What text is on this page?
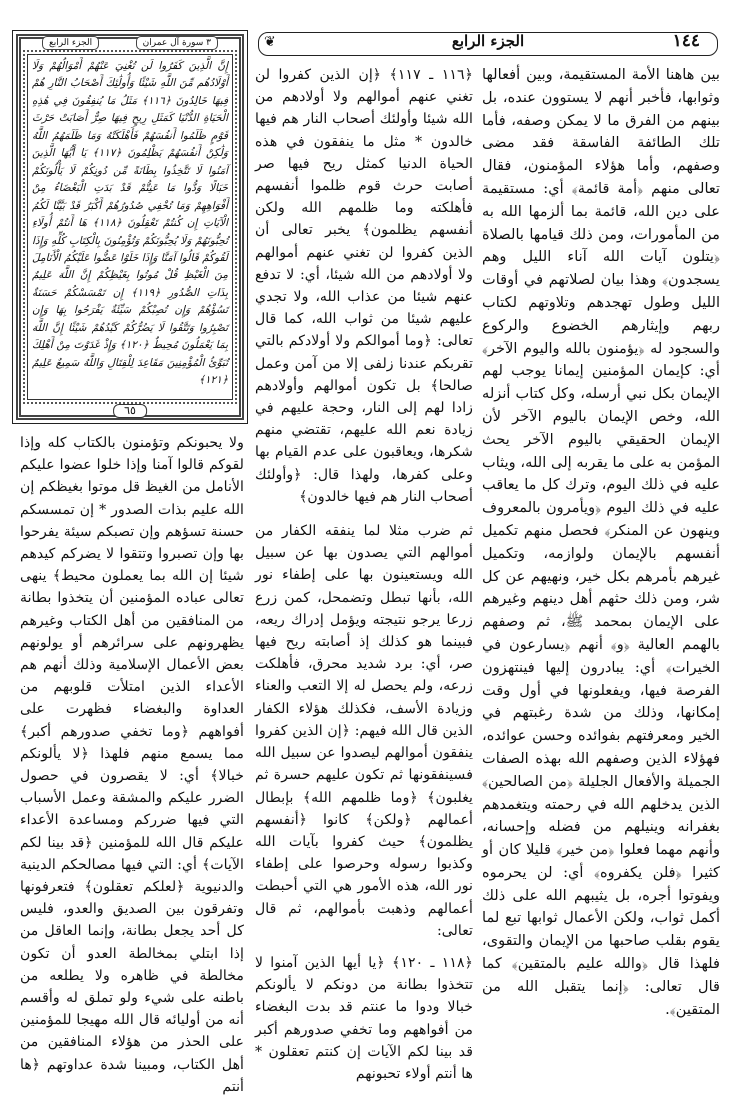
١٤٤
الجزء الرابع
❦
الجزء الرابع	٣ سورة آل عمران
إِنَّ الَّذِينَ كَفَرُوا لَن تُغْنِيَ عَنْهُمْ أَمْوَالُهُمْ وَلَا أَوْلَادُهُم مِّنَ اللَّهِ شَيْئًا وَأُولَٰئِكَ أَصْحَابُ النَّارِ هُمْ فِيهَا خَالِدُونَ ﴿١١٦﴾ مَثَلُ مَا يُنفِقُونَ فِي هَٰذِهِ الْحَيَاةِ الدُّنْيَا كَمَثَلِ رِيحٍ فِيهَا صِرٌّ أَصَابَتْ حَرْثَ قَوْمٍ ظَلَمُوا أَنفُسَهُمْ فَأَهْلَكَتْهُ وَمَا ظَلَمَهُمُ اللَّهُ وَلَٰكِنْ أَنفُسَهُمْ يَظْلِمُونَ ﴿١١٧﴾ يَا أَيُّهَا الَّذِينَ آمَنُوا لَا تَتَّخِذُوا بِطَانَةً مِّن دُونِكُمْ لَا يَأْلُونَكُمْ خَبَالًا وَدُّوا مَا عَنِتُّمْ قَدْ بَدَتِ الْبَغْضَاءُ مِنْ أَفْوَاهِهِمْ وَمَا تُخْفِي صُدُورُهُمْ أَكْبَرُ قَدْ بَيَّنَّا لَكُمُ الْآيَاتِ إِن كُنتُمْ تَعْقِلُونَ ﴿١١٨﴾ هَا أَنتُمْ أُولَاءِ تُحِبُّونَهُمْ وَلَا يُحِبُّونَكُمْ وَتُؤْمِنُونَ بِالْكِتَابِ كُلِّهِ وَإِذَا لَقُوكُمْ قَالُوا آمَنَّا وَإِذَا خَلَوْا عَضُّوا عَلَيْكُمُ الْأَنَامِلَ مِنَ الْغَيْظِ قُلْ مُوتُوا بِغَيْظِكُمْ إِنَّ اللَّهَ عَلِيمٌ بِذَاتِ الصُّدُورِ ﴿١١٩﴾ إِن تَمْسَسْكُمْ حَسَنَةٌ تَسُؤْهُمْ وَإِن تُصِبْكُمْ سَيِّئَةٌ يَفْرَحُوا بِهَا وَإِن تَصْبِرُوا وَتَتَّقُوا لَا يَضُرُّكُمْ كَيْدُهُمْ شَيْئًا إِنَّ اللَّهَ بِمَا يَعْمَلُونَ مُحِيطٌ ﴿١٢٠﴾ وَإِذْ غَدَوْتَ مِنْ أَهْلِكَ تُبَوِّئُ الْمُؤْمِنِينَ مَقَاعِدَ لِلْقِتَالِ وَاللَّهُ سَمِيعٌ عَلِيمٌ ﴿١٢١﴾
٦٥

بين هاهنا الأمة المستقيمة، وبين أفعالها وثوابها، فأخبر أنهم لا يستوون عنده، بل بينهم من الفرق ما لا يمكن وصفه، فأما تلك الطائفة الفاسقة فقد مضى وصفهم، وأما هؤلاء المؤمنون، فقال تعالى منهم ﴿أمة قائمة﴾ أي: مستقيمة على دين الله، قائمة بما ألزمها الله به من المأمورات، ومن ذلك قيامها بالصلاة ﴿يتلون آيات الله آناء الليل وهم يسجدون﴾ وهذا بيان لصلاتهم في أوقات الليل وطول تهجدهم وتلاوتهم لكتاب ربهم وإيثارهم الخضوع والركوع والسجود له ﴿يؤمنون بالله واليوم الآخر﴾ أي: كإيمان المؤمنين إيمانا يوجب لهم الإيمان بكل نبي أرسله، وكل كتاب أنزله الله، وخص الإيمان باليوم الآخر لأن الإيمان الحقيقي باليوم الآخر يحث المؤمن به على ما يقربه إلى الله، ويثاب عليه في ذلك اليوم، وترك كل ما يعاقب عليه في ذلك اليوم ﴿ويأمرون بالمعروف وينهون عن المنكر﴾ فحصل منهم تكميل أنفسهم بالإيمان ولوازمه، وتكميل غيرهم بأمرهم بكل خير، ونهيهم عن كل شر، ومن ذلك حثهم أهل دينهم وغيرهم على الإيمان بمحمد ﷺ، ثم وصفهم بالهمم العالية ﴿و﴾ أنهم ﴿يسارعون في الخيرات﴾ أي: يبادرون إليها فينتهزون الفرصة فيها، ويفعلونها في أول وقت إمكانها، وذلك من شدة رغبتهم في الخير ومعرفتهم بفوائده وحسن عوائده، فهؤلاء الذين وصفهم الله بهذه الصفات الجميلة والأفعال الجليلة ﴿من الصالحين﴾ الذين يدخلهم الله في رحمته ويتغمدهم بغفرانه وينيلهم من فضله وإحسانه، وأنهم مهما فعلوا ﴿من خير﴾ قليلا كان أو كثيرا ﴿فلن يكفروه﴾ أي: لن يحرموه ويفوتوا أجره، بل يثيبهم الله على ذلك أكمل ثواب، ولكن الأعمال ثوابها تبع لما يقوم بقلب صاحبها من الإيمان والتقوى، فلهذا قال ﴿والله عليم بالمتقين﴾ كما قال تعالى: ﴿إنما يتقبل الله من المتقين﴾.

﴿١١٦ ـ ١١٧﴾ ﴿إن الذين كفروا لن تغني عنهم أموالهم ولا أولادهم من الله شيئا وأولئك أصحاب النار هم فيها خالدون * مثل ما ينفقون في هذه الحياة الدنيا كمثل ريح فيها صر أصابت حرث قوم ظلموا أنفسهم فأهلكته وما ظلمهم الله ولكن أنفسهم يظلمون﴾ يخبر تعالى أن الذين كفروا لن تغني عنهم أموالهم ولا أولادهم من الله شيئا، أي: لا تدفع عنهم شيئا من عذاب الله، ولا تجدي عليهم شيئا من ثواب الله، كما قال تعالى: ﴿وما أموالكم ولا أولادكم بالتي تقربكم عندنا زلفى إلا من آمن وعمل صالحا﴾ بل تكون أموالهم وأولادهم زادا لهم إلى النار، وحجة عليهم في زيادة نعم الله عليهم، تقتضي منهم شكرها، ويعاقبون على عدم القيام بها وعلى كفرها، ولهذا قال: ﴿وأولئك أصحاب النار هم فيها خالدون﴾

ثم ضرب مثلا لما ينفقه الكفار من أموالهم التي يصدون بها عن سبيل الله ويستعينون بها على إطفاء نور الله، بأنها تبطل وتضمحل، كمن زرع زرعا يرجو نتيجته ويؤمل إدراك ريعه، فبينما هو كذلك إذ أصابته ريح فيها صر، أي: برد شديد محرق، فأهلكت زرعه، ولم يحصل له إلا التعب والعناء وزيادة الأسف، فكذلك هؤلاء الكفار الذين قال الله فيهم: ﴿إن الذين كفروا ينفقون أموالهم ليصدوا عن سبيل الله فسينفقونها ثم تكون عليهم حسرة ثم يغلبون﴾ ﴿وما ظلمهم الله﴾ بإبطال أعمالهم ﴿ولكن﴾ كانوا ﴿أنفسهم يظلمون﴾ حيث كفروا بآيات الله وكذبوا رسوله وحرصوا على إطفاء نور الله، هذه الأمور هي التي أحبطت أعمالهم وذهبت بأموالهم، ثم قال تعالى:

﴿١١٨ ـ ١٢٠﴾ ﴿يا أيها الذين آمنوا لا تتخذوا بطانة من دونكم لا يألونكم خبالا ودوا ما عنتم قد بدت البغضاء من أفواههم وما تخفي صدورهم أكبر قد بينا لكم الآيات إن كنتم تعقلون * ها أنتم أولاء تحبونهم

ولا يحبونكم وتؤمنون بالكتاب كله وإذا لقوكم قالوا آمنا وإذا خلوا عضوا عليكم الأنامل من الغيظ قل موتوا بغيظكم إن الله عليم بذات الصدور * إن تمسسكم حسنة تسؤهم وإن تصبكم سيئة يفرحوا بها وإن تصبروا وتتقوا لا يضركم كيدهم شيئا إن الله بما يعملون محيط﴾ ينهى تعالى عباده المؤمنين أن يتخذوا بطانة من المنافقين من أهل الكتاب وغيرهم يظهرونهم على سرائرهم أو يولونهم بعض الأعمال الإسلامية وذلك أنهم هم الأعداء الذين امتلأت قلوبهم من العداوة والبغضاء فظهرت على أفواههم ﴿وما تخفي صدورهم أكبر﴾ مما يسمع منهم فلهذا ﴿لا يألونكم خبالا﴾ أي: لا يقصرون في حصول الضرر عليكم والمشقة وعمل الأسباب التي فيها ضرركم ومساعدة الأعداء عليكم قال الله للمؤمنين ﴿قد بينا لكم الآيات﴾ أي: التي فيها مصالحكم الدينية والدنيوية ﴿لعلكم تعقلون﴾ فتعرفونها وتفرقون بين الصديق والعدو، فليس كل أحد يجعل بطانة، وإنما العاقل من إذا ابتلي بمخالطة العدو أن تكون مخالطة في ظاهره ولا يطلعه من باطنه على شيء ولو تملق له وأقسم أنه من أوليائه قال الله مهيجا للمؤمنين على الحذر من هؤلاء المنافقين من أهل الكتاب، ومبينا شدة عداوتهم ﴿ها أنتم
